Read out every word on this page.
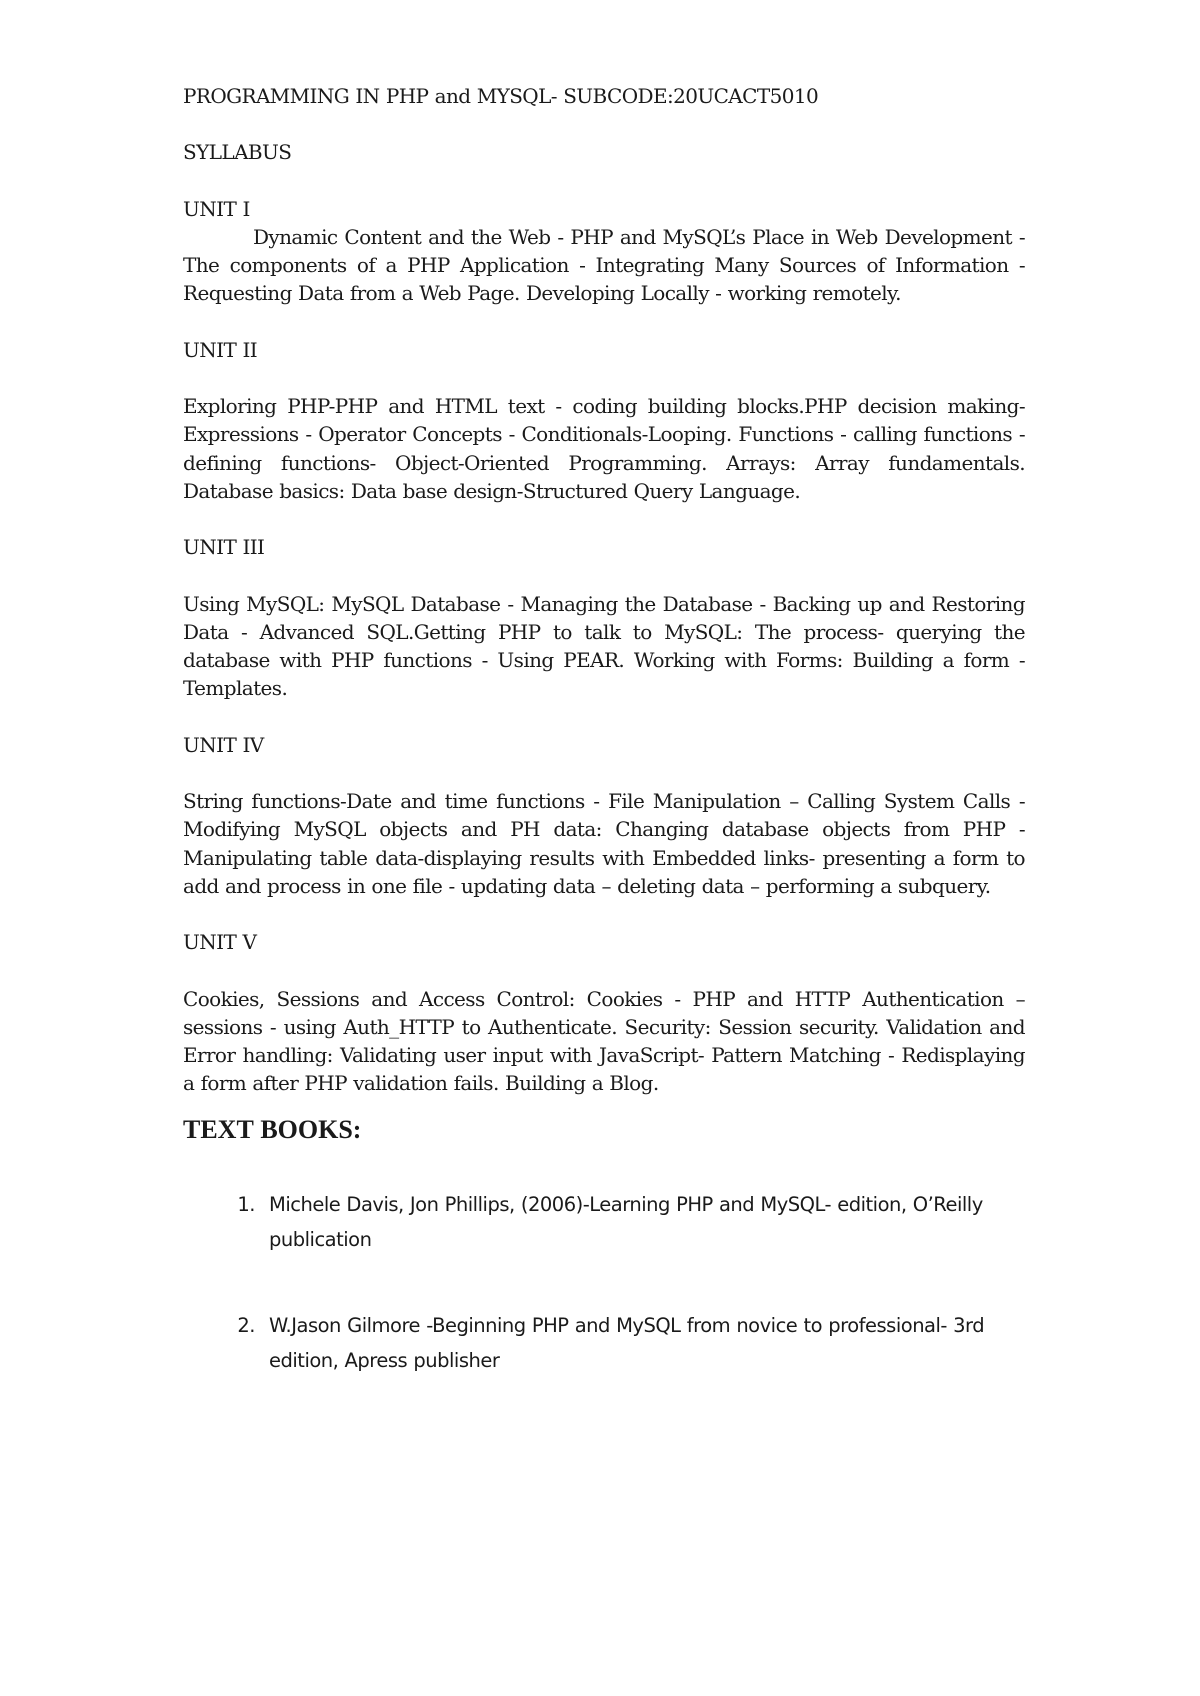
PROGRAMMING IN PHP and MYSQL- SUBCODE:20UCACT5010

SYLLABUS

UNIT I

Dynamic Content and the Web - PHP and MySQL’s Place in Web Development - The components of a PHP Application - Integrating Many Sources of Information - Requesting Data from a Web Page. Developing Locally - working remotely.

UNIT II

Exploring PHP-PHP and HTML text - coding building blocks.PHP decision making- Expressions - Operator Concepts - Conditionals-Looping. Functions - calling functions - defining functions- Object-Oriented Programming. Arrays: Array fundamentals. Database basics: Data base design-Structured Query Language.

UNIT III

Using MySQL: MySQL Database - Managing the Database - Backing up and Restoring Data - Advanced SQL.Getting PHP to talk to MySQL: The process- querying the database with PHP functions - Using PEAR. Working with Forms: Building a form - Templates.

UNIT IV

String functions-Date and time functions - File Manipulation – Calling System Calls - Modifying MySQL objects and PH data: Changing database objects from PHP - Manipulating table data-displaying results with Embedded links- presenting a form to add and process in one file - updating data – deleting data – performing a subquery.

UNIT V

Cookies, Sessions and Access Control: Cookies - PHP and HTTP Authentication – sessions - using Auth_HTTP to Authenticate. Security: Session security. Validation and Error handling: Validating user input with JavaScript- Pattern Matching - Redisplaying a form after PHP validation fails. Building a Blog.

TEXT BOOKS:

1. Michele Davis, Jon Phillips, (2006)-Learning PHP and MySQL- edition, O’Reilly publication
2. W.Jason Gilmore -Beginning PHP and MySQL from novice to professional- 3rd edition, Apress publisher
